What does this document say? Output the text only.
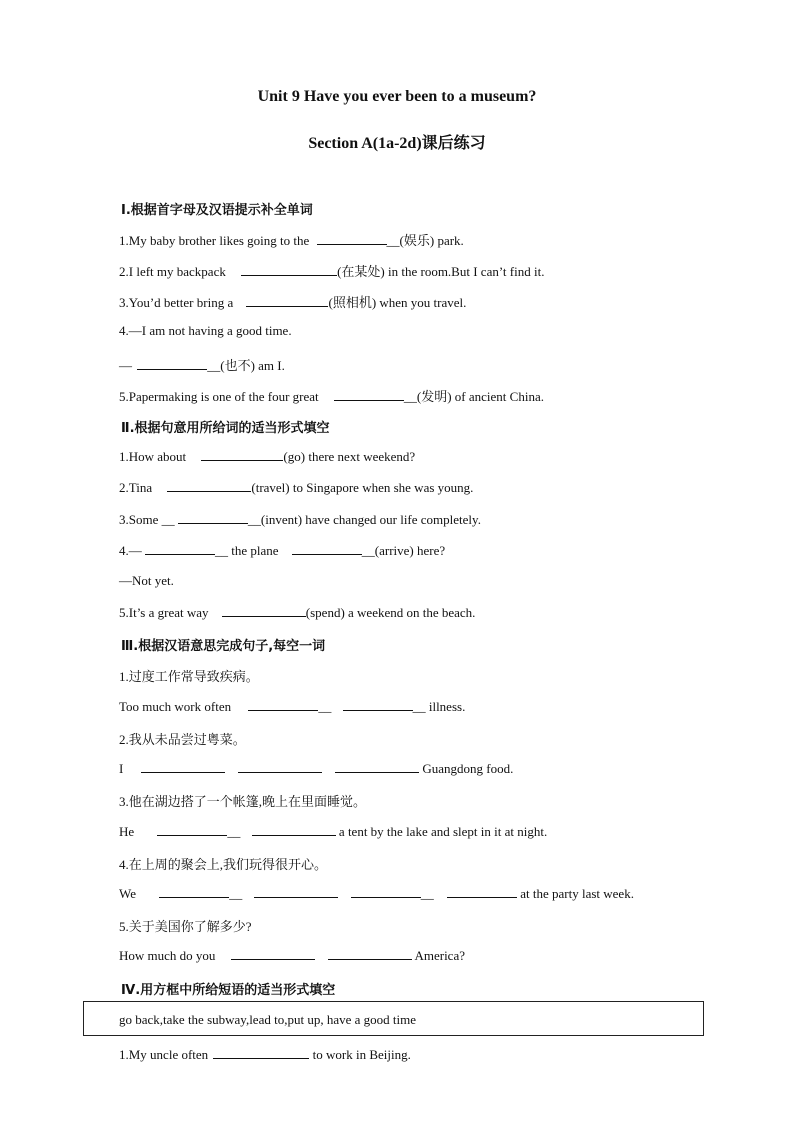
Unit 9 Have you ever been to a museum?
Section A(1a-2d)课后练习
Ⅰ.根据首字母及汉语提示补全单词
1.My baby brother likes going to the	__(娱乐) park.
2.I left my backpack	(在某处) in the room.But I can’t find it.
3.You’d better bring a	(照相机) when you travel.
4.—I am not having a good time.
—	__(也不) am I.
5.Papermaking is one of the four great	__(发明) of ancient China.
Ⅱ.根据句意用所给词的适当形式填空
1.How about	(go) there next weekend?
2.Tina	(travel) to Singapore when she was young.
3.Some __	__(invent) have changed our life completely.
4.—	__ the plane	__(arrive) here?
—Not yet.
5.It’s a great way	(spend) a weekend on the beach.
Ⅲ.根据汉语意思完成句子,每空一词
1.过度工作常导致疾病。
Too much work often	__	__ illness.
2.我从未品尝过粤菜。
I	Guangdong food.
3.他在湖边搭了一个帐篷,晚上在里面睡觉。
He	__	a tent by the lake and slept in it at night.
4.在上周的聚会上,我们玩得很开心。
We	__	__	at the party last week.
5.关于美国你了解多少?
How much do you	America?
Ⅳ.用方框中所给短语的适当形式填空
go back,take the subway,lead to,put up, have a good time
1.My uncle often	to work in Beijing.
